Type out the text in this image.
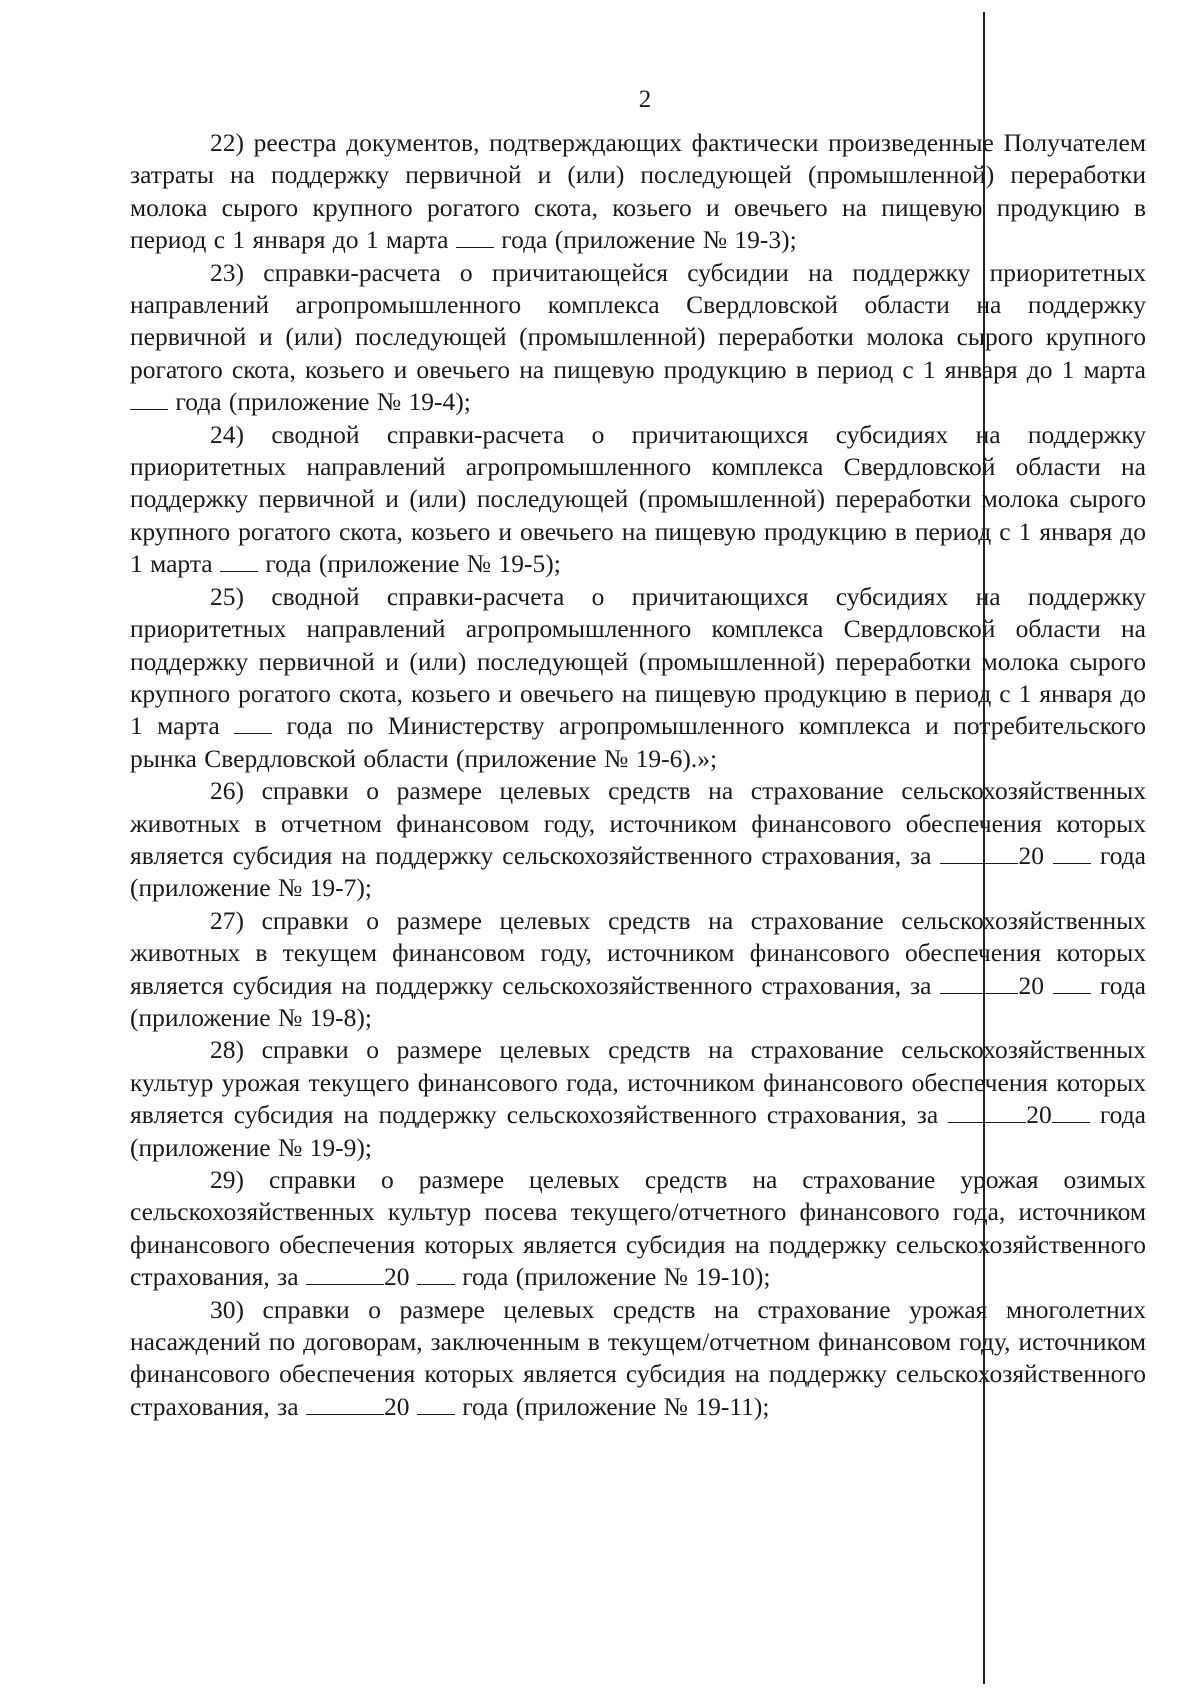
2

22) реестра документов, подтверждающих фактически произведенные Получателем затраты на поддержку первичной и (или) последующей (промышленной) переработки молока сырого крупного рогатого скота, козьего и овечьего на пищевую продукцию в период с 1 января до 1 марта  года (приложение № 19-3);

23) справки-расчета о причитающейся субсидии на поддержку приоритетных направлений агропромышленного комплекса Свердловской области на поддержку первичной и (или) последующей (промышленной) переработки молока сырого крупного рогатого скота, козьего и овечьего на пищевую продукцию в период с 1 января до 1 марта  года (приложение № 19-4);

24) сводной справки-расчета о причитающихся субсидиях на поддержку приоритетных направлений агропромышленного комплекса Свердловской области на поддержку первичной и (или) последующей (промышленной) переработки молока сырого крупного рогатого скота, козьего и овечьего на пищевую продукцию в период с 1 января до 1 марта  года (приложение № 19-5);

25) сводной справки-расчета о причитающихся субсидиях на поддержку приоритетных направлений агропромышленного комплекса Свердловской области на поддержку первичной и (или) последующей (промышленной) переработки молока сырого крупного рогатого скота, козьего и овечьего на пищевую продукцию в период с 1 января до 1 марта  года по Министерству агропромышленного комплекса и потребительского рынка Свердловской области (приложение № 19-6).»;

26) справки о размере целевых средств на страхование сельскохозяйственных животных в отчетном финансовом году, источником финансового обеспечения которых является субсидия на поддержку сельскохозяйственного страхования, за	20  года (приложение № 19-7);

27) справки о размере целевых средств на страхование сельскохозяйственных животных в текущем финансовом году, источником финансового обеспечения которых является субсидия на поддержку сельскохозяйственного страхования, за	20  года (приложение № 19-8);

28) справки о размере целевых средств на страхование сельскохозяйственных культур урожая текущего финансового года, источником финансового обеспечения которых является субсидия на поддержку сельскохозяйственного страхования, за	20 года (приложение № 19-9);

29) справки о размере целевых средств на страхование урожая озимых сельскохозяйственных культур посева текущего/отчетного финансового года, источником финансового обеспечения которых является субсидия на поддержку сельскохозяйственного страхования, за	20  года (приложение № 19-10);

30) справки о размере целевых средств на страхование урожая многолетних насаждений по договорам, заключенным в текущем/отчетном финансовом году, источником финансового обеспечения которых является субсидия на поддержку сельскохозяйственного страхования, за	20  года (приложение № 19-11);
